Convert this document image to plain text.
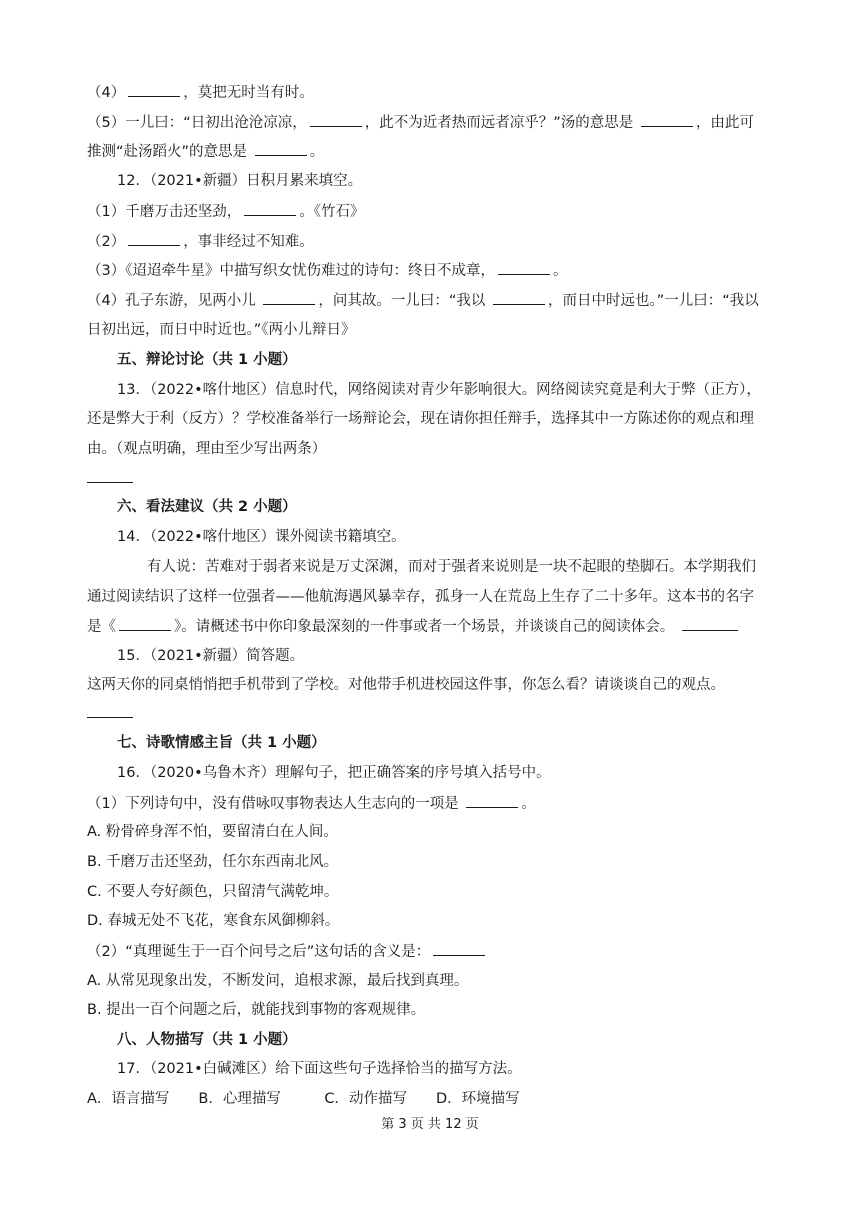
（4）	，莫把无时当有时。
（5）一儿曰：“日初出沧沧凉凉，	，此不为近者热而远者凉乎？”汤的意思是	，由此可
推测“赴汤蹈火”的意思是	。
12．（2021•新疆）日积月累来填空。
（1）千磨万击还坚劲，	。《竹石》
（2）	，事非经过不知难。
（3）《迢迢牵牛星》中描写织女忧伤难过的诗句：终日不成章，	。
（4）孔子东游，见两小儿	，问其故。一儿曰：“我以	，而日中时远也。”一儿曰：“我以
日初出远，而日中时近也。”《两小儿辩日》
五、辩论讨论（共 1 小题）
13．（2022•喀什地区）信息时代，网络阅读对青少年影响很大。网络阅读究竟是利大于弊（正方），
还是弊大于利（反方）？学校准备举行一场辩论会，现在请你担任辩手，选择其中一方陈述你的观点和理
由。（观点明确，理由至少写出两条）
六、看法建议（共 2 小题）
14．（2022•喀什地区）课外阅读书籍填空。
有人说：苦难对于弱者来说是万丈深渊，而对于强者来说则是一块不起眼的垫脚石。本学期我们
通过阅读结识了这样一位强者——他航海遇风暴幸存，孤身一人在荒岛上生存了二十多年。这本书的名字
是《	》。请概述书中你印象最深刻的一件事或者一个场景，并谈谈自己的阅读体会。
15．（2021•新疆）简答题。
这两天你的同桌悄悄把手机带到了学校。对他带手机进校园这件事，你怎么看？请谈谈自己的观点。
七、诗歌情感主旨（共 1 小题）
16．（2020•乌鲁木齐）理解句子，把正确答案的序号填入括号中。
（1）下列诗句中，没有借咏叹事物表达人生志向的一项是	。
A. 粉骨碎身浑不怕，要留清白在人间。
B. 千磨万击还坚劲，任尔东西南北风。
C. 不要人夸好颜色，只留清气满乾坤。
D. 春城无处不飞花，寒食东风御柳斜。
（2）“真理诞生于一百个问号之后”这句话的含义是：
A. 从常见现象出发，不断发问，追根求源，最后找到真理。
B. 提出一百个问题之后，就能找到事物的客观规律。
八、人物描写（共 1 小题）
17．（2021•白碱滩区）给下面这些句子选择恰当的描写方法。
A．语言描写　　B．心理描写　　　C．动作描写　　D．环境描写
第 3 页 共 12 页
